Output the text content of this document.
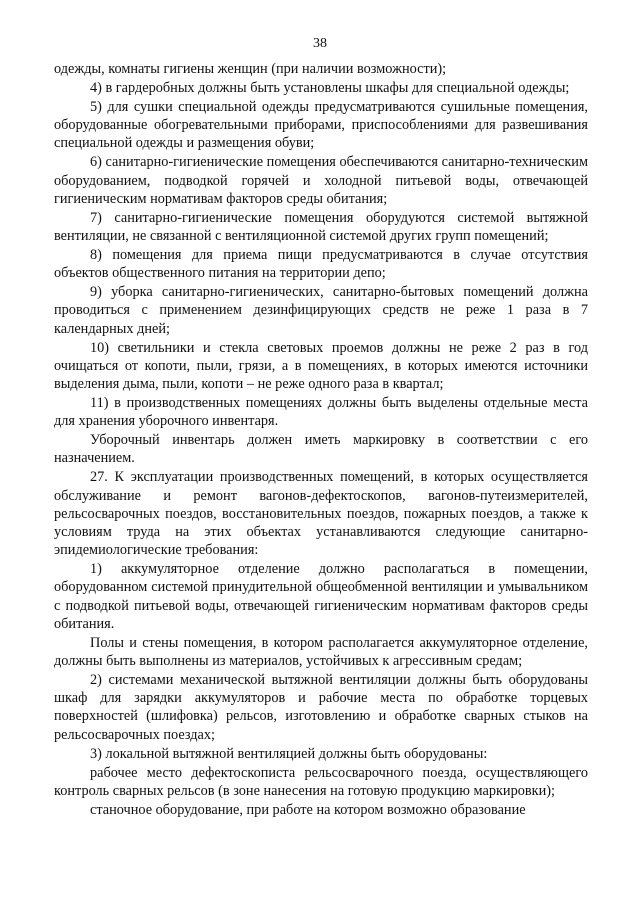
38

одежды, комнаты гигиены женщин (при наличии возможности);

4) в гардеробных должны быть установлены шкафы для специальной одежды;

5) для сушки специальной одежды предусматриваются сушильные помещения, оборудованные обогревательными приборами, приспособлениями для развешивания специальной одежды и размещения обуви;

6) санитарно-гигиенические помещения обеспечиваются санитарно-техническим оборудованием, подводкой горячей и холодной питьевой воды, отвечающей гигиеническим нормативам факторов среды обитания;

7) санитарно-гигиенические помещения оборудуются системой вытяжной вентиляции, не связанной с вентиляционной системой других групп помещений;

8) помещения для приема пищи предусматриваются в случае отсутствия объектов общественного питания на территории депо;

9) уборка санитарно-гигиенических, санитарно-бытовых помещений должна проводиться с применением дезинфицирующих средств не реже 1 раза в 7 календарных дней;

10) светильники и стекла световых проемов должны не реже 2 раз в год очищаться от копоти, пыли, грязи, а в помещениях, в которых имеются источники выделения дыма, пыли, копоти – не реже одного раза в квартал;

11) в производственных помещениях должны быть выделены отдельные места для хранения уборочного инвентаря.

Уборочный инвентарь должен иметь маркировку в соответствии с его назначением.

27. К эксплуатации производственных помещений, в которых осуществляется обслуживание и ремонт вагонов-дефектоскопов, вагонов-путеизмерителей, рельсосварочных поездов, восстановительных поездов, пожарных поездов, а также к условиям труда на этих объектах устанавливаются следующие санитарно-эпидемиологические требования:

1) аккумуляторное отделение должно располагаться в помещении, оборудованном системой принудительной общеобменной вентиляции и умывальником с подводкой питьевой воды, отвечающей гигиеническим нормативам факторов среды обитания.

Полы и стены помещения, в котором располагается аккумуляторное отделение, должны быть выполнены из материалов, устойчивых к агрессивным средам;

2) системами механической вытяжной вентиляции должны быть оборудованы шкаф для зарядки аккумуляторов и рабочие места по обработке торцевых поверхностей (шлифовка) рельсов, изготовлению и обработке сварных стыков на рельсосварочных поездах;

3) локальной вытяжной вентиляцией должны быть оборудованы:

рабочее место дефектоскописта рельсосварочного поезда, осуществляющего контроль сварных рельсов (в зоне нанесения на готовую продукцию маркировки);

станочное оборудование, при работе на котором возможно образование
